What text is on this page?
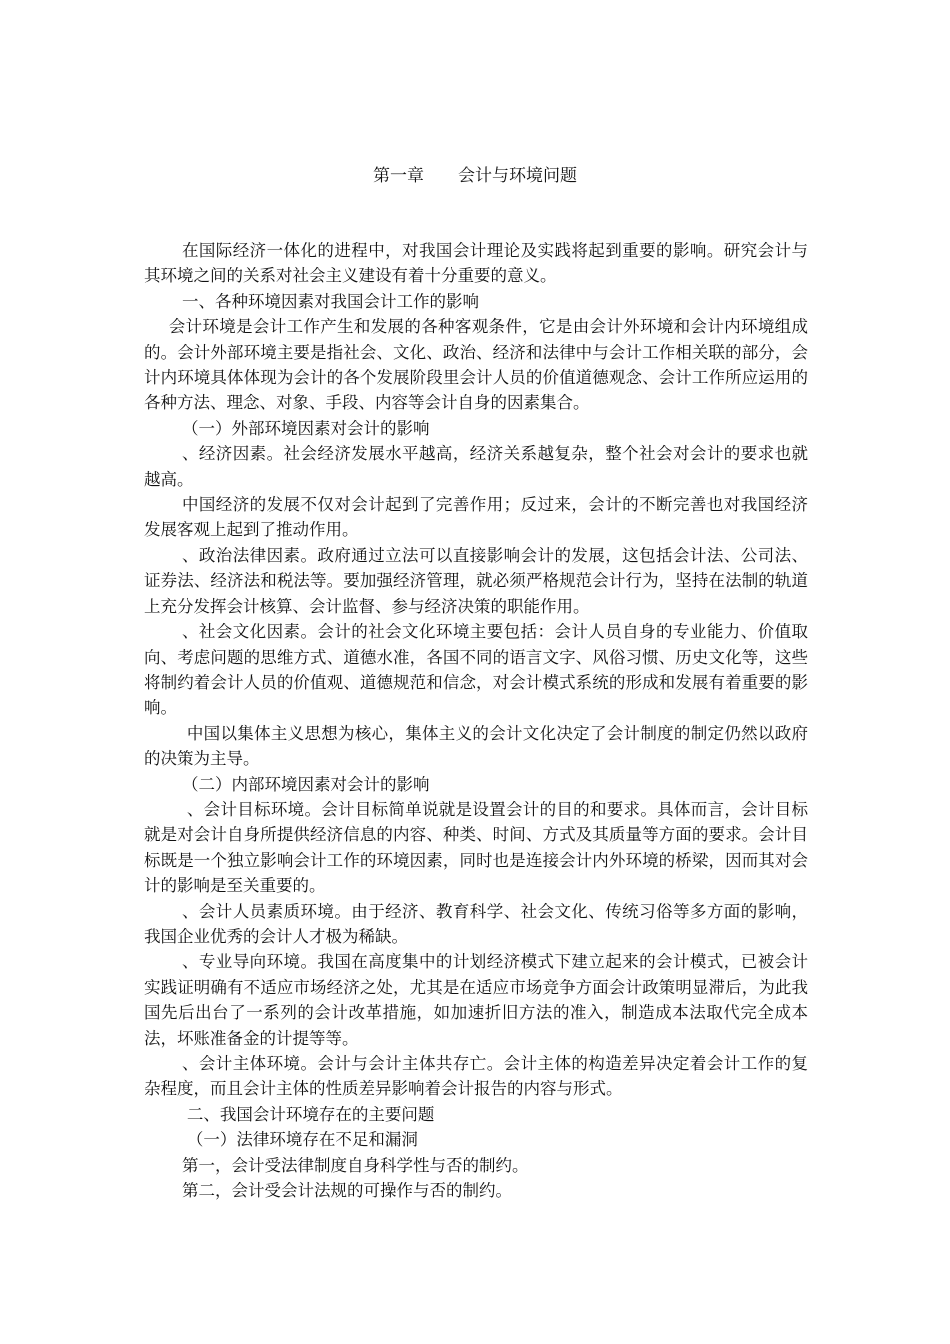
第一章　　会计与环境问题

在国际经济一体化的进程中，对我国会计理论及实践将起到重要的影响。研究会计与其环境之间的关系对社会主义建设有着十分重要的意义。

一、各种环境因素对我国会计工作的影响

会计环境是会计工作产生和发展的各种客观条件，它是由会计外环境和会计内环境组成的。会计外部环境主要是指社会、文化、政治、经济和法律中与会计工作相关联的部分，会计内环境具体体现为会计的各个发展阶段里会计人员的价值道德观念、会计工作所应运用的各种方法、理念、对象、手段、内容等会计自身的因素集合。

（一）外部环境因素对会计的影响

、经济因素。社会经济发展水平越高，经济关系越复杂，整个社会对会计的要求也就越高。

中国经济的发展不仅对会计起到了完善作用；反过来，会计的不断完善也对我国经济发展客观上起到了推动作用。

、政治法律因素。政府通过立法可以直接影响会计的发展，这包括会计法、公司法、证券法、经济法和税法等。要加强经济管理，就必须严格规范会计行为，坚持在法制的轨道上充分发挥会计核算、会计监督、参与经济决策的职能作用。

、社会文化因素。会计的社会文化环境主要包括：会计人员自身的专业能力、价值取向、考虑问题的思维方式、道德水准，各国不同的语言文字、风俗习惯、历史文化等，这些将制约着会计人员的价值观、道德规范和信念，对会计模式系统的形成和发展有着重要的影响。

中国以集体主义思想为核心，集体主义的会计文化决定了会计制度的制定仍然以政府的决策为主导。

（二）内部环境因素对会计的影响

、会计目标环境。会计目标简单说就是设置会计的目的和要求。具体而言，会计目标就是对会计自身所提供经济信息的内容、种类、时间、方式及其质量等方面的要求。会计目标既是一个独立影响会计工作的环境因素，同时也是连接会计内外环境的桥梁，因而其对会计的影响是至关重要的。

、会计人员素质环境。由于经济、教育科学、社会文化、传统习俗等多方面的影响，我国企业优秀的会计人才极为稀缺。

、专业导向环境。我国在高度集中的计划经济模式下建立起来的会计模式，已被会计实践证明确有不适应市场经济之处，尤其是在适应市场竞争方面会计政策明显滞后，为此我国先后出台了一系列的会计改革措施，如加速折旧方法的准入，制造成本法取代完全成本法，坏账准备金的计提等等。

、会计主体环境。会计与会计主体共存亡。会计主体的构造差异决定着会计工作的复杂程度，而且会计主体的性质差异影响着会计报告的内容与形式。

二、我国会计环境存在的主要问题

（一）法律环境存在不足和漏洞

第一，会计受法律制度自身科学性与否的制约。

第二，会计受会计法规的可操作与否的制约。
